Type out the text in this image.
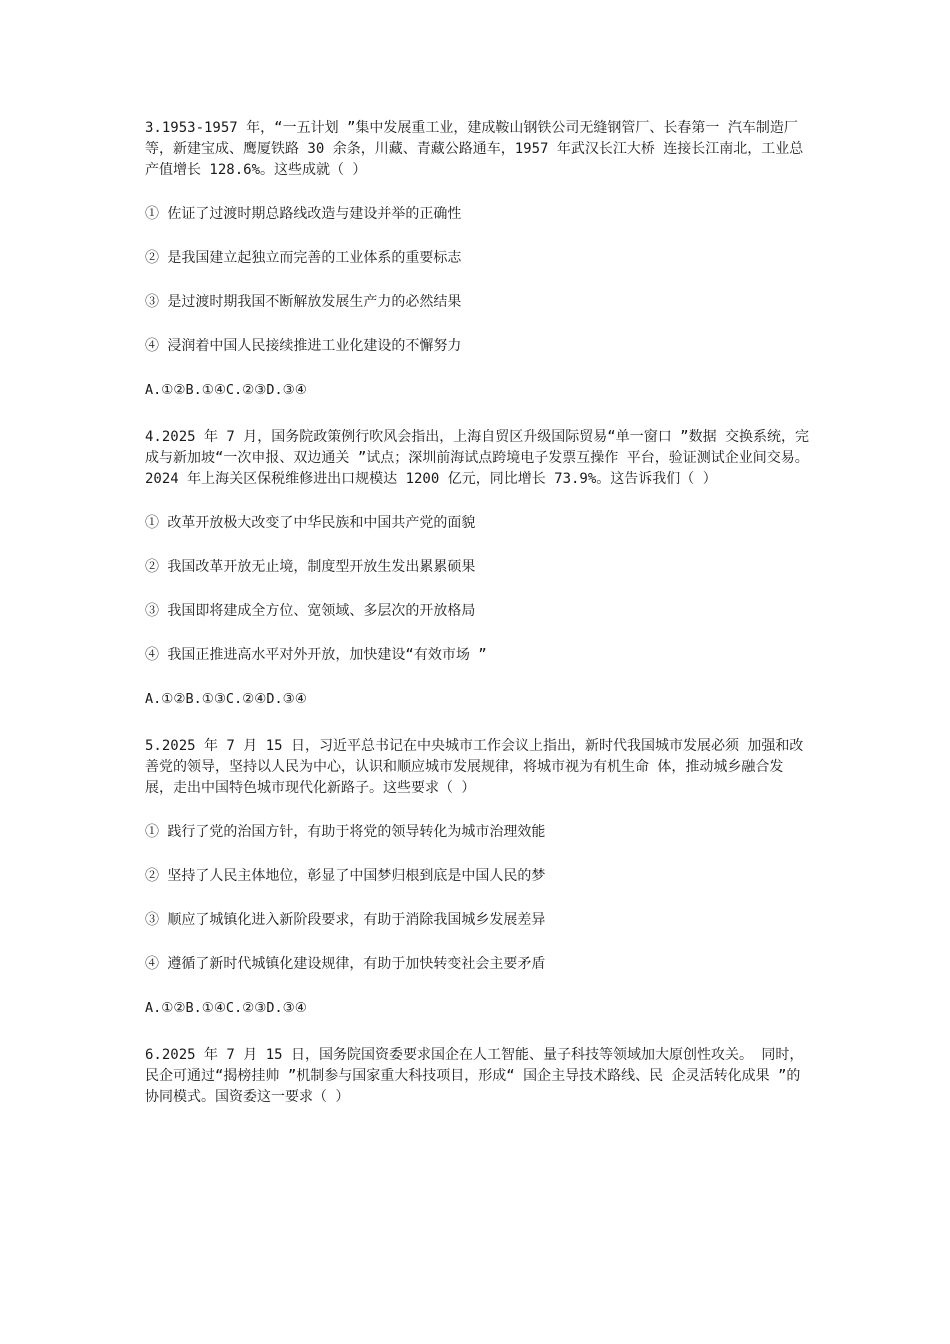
3.1953-1957 年，“一五计划 ”集中发展重工业，建成鞍山钢铁公司无缝钢管厂、长春第一 汽车制造厂等，新建宝成、鹰厦铁路 30 余条，川藏、青藏公路通车，1957 年武汉长江大桥 连接长江南北，工业总产值增长 128.6%。这些成就（ ）

① 佐证了过渡时期总路线改造与建设并举的正确性

② 是我国建立起独立而完善的工业体系的重要标志

③ 是过渡时期我国不断解放发展生产力的必然结果

④ 浸润着中国人民接续推进工业化建设的不懈努力

A.①②B.①④C.②③D.③④

4.2025 年 7 月，国务院政策例行吹风会指出，上海自贸区升级国际贸易“单一窗口 ”数据 交换系统，完成与新加坡“一次申报、双边通关 ”试点；深圳前海试点跨境电子发票互操作 平台，验证测试企业间交易。2024 年上海关区保税维修进出口规模达 1200 亿元，同比增长 73.9%。这告诉我们（ ）

① 改革开放极大改变了中华民族和中国共产党的面貌

② 我国改革开放无止境，制度型开放生发出累累硕果

③ 我国即将建成全方位、宽领域、多层次的开放格局

④ 我国正推进高水平对外开放，加快建设“有效市场 ”

A.①②B.①③C.②④D.③④

5.2025 年 7 月 15 日，习近平总书记在中央城市工作会议上指出，新时代我国城市发展必须 加强和改善党的领导，坚持以人民为中心，认识和顺应城市发展规律，将城市视为有机生命 体，推动城乡融合发展，走出中国特色城市现代化新路子。这些要求（ ）

① 践行了党的治国方针，有助于将党的领导转化为城市治理效能

② 坚持了人民主体地位，彰显了中国梦归根到底是中国人民的梦

③ 顺应了城镇化进入新阶段要求，有助于消除我国城乡发展差异

④ 遵循了新时代城镇化建设规律，有助于加快转变社会主要矛盾

A.①②B.①④C.②③D.③④

6.2025 年 7 月 15 日，国务院国资委要求国企在人工智能、量子科技等领域加大原创性攻关。 同时，民企可通过“揭榜挂帅 ”机制参与国家重大科技项目，形成“ 国企主导技术路线、民 企灵活转化成果 ”的协同模式。国资委这一要求（ ）
